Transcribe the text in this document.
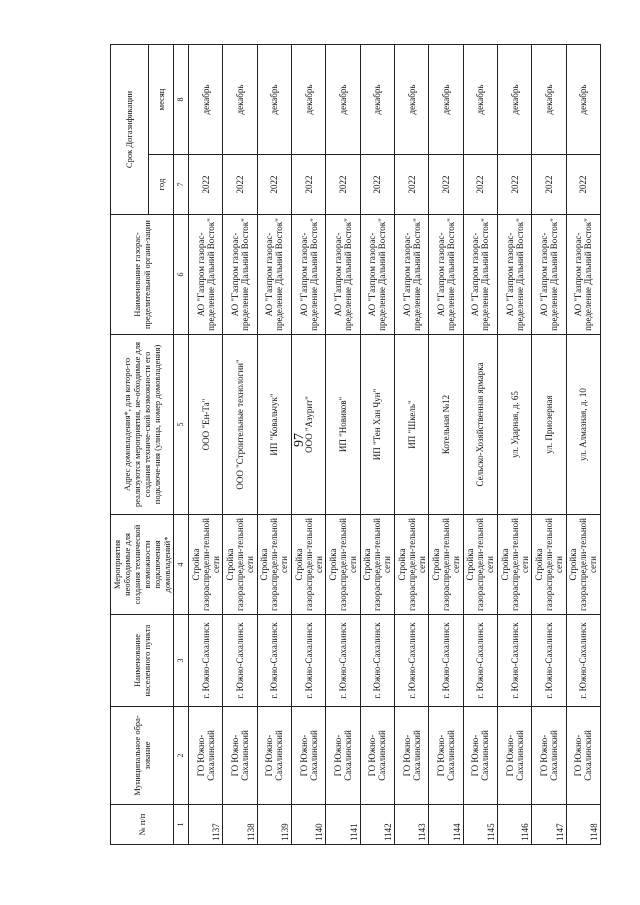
97
№ п/п	Муниципальное обра-зование	Наименование населенного пункта	Мероприятия необходимые для создания технической возможности подключения домовладений*	Адрес домовладения*, для которо-го реализуются мероприятия, не-обходимые для создания техниче-ской возможности его подключе-ния (улица, номер домовладения)	Наименование газорас-пределительной органи-зации	Срок Догазификации	
						год	месяц
1	2	3	4	5	6	7	8
1137	ГО Южно-Сахалинский	г. Южно-Сахалинск	Стройка газораспредели-тельной сети	ООО "Ен-Та"	АО "Газпром газорас-пределение Дальний Восток"	2022	декабрь
1138	ГО Южно-Сахалинский	г. Южно-Сахалинск	Стройка газораспредели-тельной сети	ООО "Строительные технологии"	АО "Газпром газорас-пределение Дальний Восток"	2022	декабрь
1139	ГО Южно-Сахалинский	г. Южно-Сахалинск	Стройка газораспредели-тельной сети	ИП "Ковальчук"	АО "Газпром газорас-пределение Дальний Восток"	2022	декабрь
1140	ГО Южно-Сахалинский	г. Южно-Сахалинск	Стройка газораспредели-тельной сети	ООО "Азурит"	АО "Газпром газорас-пределение Дальний Восток"	2022	декабрь
1141	ГО Южно-Сахалинский	г. Южно-Сахалинск	Стройка газораспредели-тельной сети	ИП "Новиков"	АО "Газпром газорас-пределение Дальний Восток"	2022	декабрь
1142	ГО Южно-Сахалинский	г. Южно-Сахалинск	Стройка газораспредели-тельной сети	ИП "Тен Хан Чун"	АО "Газпром газорас-пределение Дальний Восток"	2022	декабрь
1143	ГО Южно-Сахалинский	г. Южно-Сахалинск	Стройка газораспредели-тельной сети	ИП "Шкель"	АО "Газпром газорас-пределение Дальний Восток"	2022	декабрь
1144	ГО Южно-Сахалинский	г. Южно-Сахалинск	Стройка газораспредели-тельной сети	Котельная №12	АО "Газпром газорас-пределение Дальний Восток"	2022	декабрь
1145	ГО Южно-Сахалинский	г. Южно-Сахалинск	Стройка газораспредели-тельной сети	Сельско-Хозяйственная ярмарка	АО "Газпром газорас-пределение Дальний Восток"	2022	декабрь
1146	ГО Южно-Сахалинский	г. Южно-Сахалинск	Стройка газораспредели-тельной сети	ул. Ударная, д. 65	АО "Газпром газорас-пределение Дальний Восток"	2022	декабрь
1147	ГО Южно-Сахалинский	г. Южно-Сахалинск	Стройка газораспредели-тельной сети	ул. Приозерная	АО "Газпром газорас-пределение Дальний Восток"	2022	декабрь
1148	ГО Южно-Сахалинский	г. Южно-Сахалинск	Стройка газораспредели-тельной сети	ул. Алмазная, д. 10	АО "Газпром газорас-пределение Дальний Восток"	2022	декабрь
